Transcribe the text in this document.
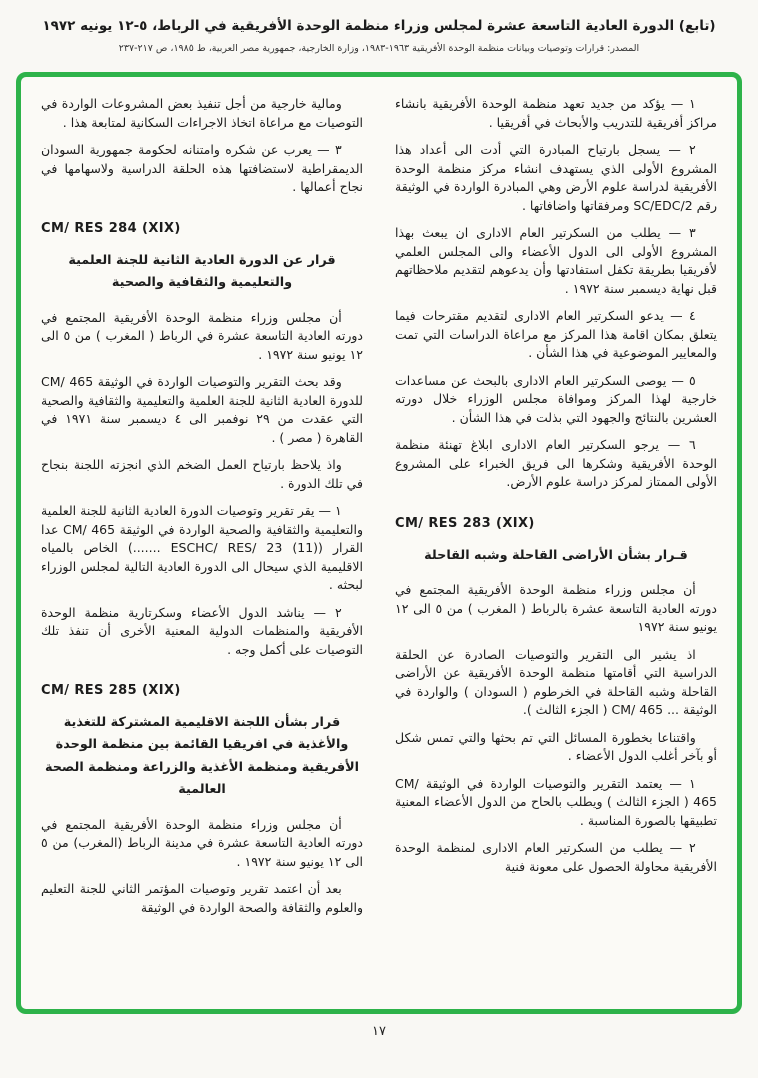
(تابع) الدورة العادية التاسعة عشرة لمجلس وزراء منظمة الوحدة الأفريقية في الرباط، ٥-١٢ يونيه ١٩٧٢
المصدر: قرارات وتوصيات وبيانات منظمة الوحدة الأفريقية ١٩٦٣-١٩٨٣، وزارة الخارجية، جمهورية مصر العربية، ط ١٩٨٥، ص ٢١٧-٢٣٧

١ — يؤكد من جديد تعهد منظمة الوحدة الأفريقية بانشاء مراكز أفريقية للتدريب والأبحاث في أفريقيا .

٢ — يسجل بارتياح المبادرة التي أدت الى أعداد هذا المشروع الأولى الذي يستهدف انشاء مركز منظمة الوحدة الأفريقية لدراسة علوم الأرض وهي المبادرة الواردة في الوثيقة رقم SC/EDC/2 ومرفقاتها واضافاتها .

٣ — يطلب من السكرتير العام الادارى ان يبعث بهذا المشروع الأولى الى الدول الأعضاء والى المجلس العلمي لأفريقيا بطريقة تكفل استفادتها وأن يدعوهم لتقديم ملاحظاتهم قبل نهاية ديسمبر سنة ١٩٧٢ .

٤ — يدعو السكرتير العام الادارى لتقديم مقترحات فيما يتعلق بمكان اقامة هذا المركز مع مراعاة الدراسات التي تمت والمعايير الموضوعية في هذا الشأن .

٥ — يوصى السكرتير العام الادارى بالبحث عن مساعدات خارجية لهذا المركز وموافاة مجلس الوزراء خلال دورته العشرين بالنتائج والجهود التي بذلت في هذا الشأن .

٦ — يرجو السكرتير العام الادارى ابلاغ تهنئة منظمة الوحدة الأفريقية وشكرها الى فريق الخبراء على المشروع الأولى الممتاز لمركز دراسة علوم الأرض.

CM/ RES 283 (XIX)
قـرار بشأن الأراضى القاحلة وشبه القاحلة

أن مجلس وزراء منظمة الوحدة الأفريقية المجتمع في دورته العادية التاسعة عشرة بالرباط ( المغرب ) من ٥ الى ١٢ يونيو سنة ١٩٧٢

اذ يشير الى التقرير والتوصيات الصادرة عن الحلقة الدراسية التي أقامتها منظمة الوحدة الأفريقية عن الأراضى القاحلة وشبه القاحلة في الخرطوم ( السودان ) والواردة في الوثيقة ... CM/ 465 ( الجزء الثالث ).

واقتناعا بخطورة المسائل التي تم بحثها والتي تمس شكل أو بآخر أغلب الدول الأعضاء .

١ — يعتمد التقرير والتوصيات الواردة في الوثيقة CM/ 465 ( الجزء الثالث ) ويطلب بالحاح من الدول الأعضاء المعنية تطبيقها بالصورة المناسبة .

٢ — يطلب من السكرتير العام الادارى لمنظمة الوحدة الأفريقية محاولة الحصول على معونة فنية

ومالية خارجية من أجل تنفيذ بعض المشروعات الواردة في التوصيات مع مراعاة اتخاذ الاجراءات السكانية لمتابعة هذا .

٣ — يعرب عن شكره وامتنانه لحكومة جمهورية السودان الديمقراطية لاستضافتها هذه الحلقة الدراسية ولاسهامها في نجاح أعمالها .

CM/ RES 284 (XIX)
قرار عن الدورة العادية الثانية للجنة العلمية والتعليمية والثقافية والصحية

أن مجلس وزراء منظمة الوحدة الأفريقية المجتمع في دورته العادية التاسعة عشرة في الرباط ( المغرب ) من ٥ الى ١٢ يونيو سنة ١٩٧٢ .

وقد بحث التقرير والتوصيات الواردة في الوثيقة CM/ 465 للدورة العادية الثانية للجنة العلمية والتعليمية والثقافية والصحية التي عقدت من ٢٩ نوفمبر الى ٤ ديسمبر سنة ١٩٧١ في القاهرة ( مصر ) .

واذ يلاحظ بارتياح العمل الضخم الذي انجزته اللجنة بنجاح في تلك الدورة .

١ — يقر تقرير وتوصيات الدورة العادية الثانية للجنة العلمية والتعليمية والثقافية والصحية الواردة في الوثيقة CM/ 465 عدا القرار (ESCHC/ RES/ 23 (11) .......) الخاص بالمياه الاقليمية الذي سيحال الى الدورة العادية التالية لمجلس الوزراء لبحثه .

٢ — يناشد الدول الأعضاء وسكرتارية منظمة الوحدة الأفريقية والمنظمات الدولية المعنية الأخرى أن تنفذ تلك التوصيات على أكمل وجه .

CM/ RES 285 (XIX)
قرار بشأن اللجنة الاقليمية المشتركة للتغذية والأغذية في افريقيا القائمة بين منظمة الوحدة الأفريقية ومنظمة الأغذية والزراعة ومنظمة الصحة العالمية

أن مجلس وزراء منظمة الوحدة الأفريقية المجتمع في دورته العادية التاسعة عشرة في مدينة الرباط (المغرب) من ٥ الى ١٢ يونيو سنة ١٩٧٢ .

بعد أن اعتمد تقرير وتوصيات المؤتمر الثاني للجنة التعليم والعلوم والثقافة والصحة الواردة في الوثيقة

١٧
